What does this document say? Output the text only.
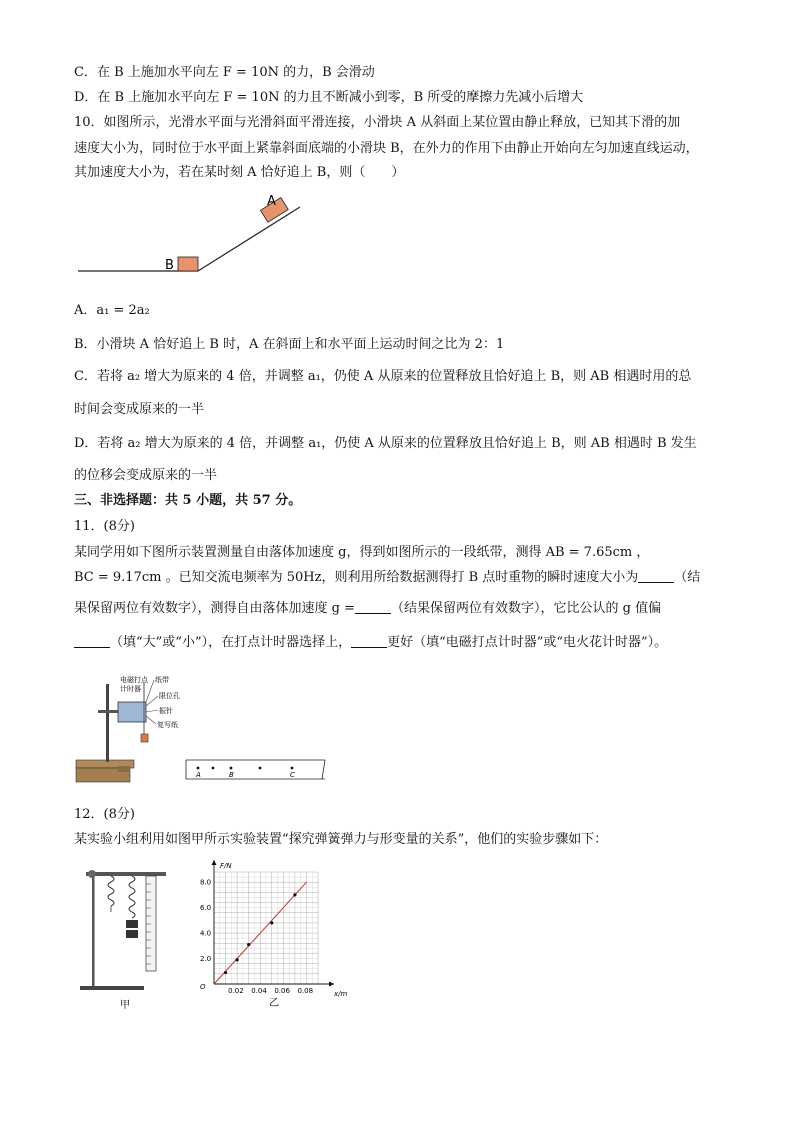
C．在 B 上施加水平向左 F = 10N 的力，B 会滑动
D．在 B 上施加水平向左 F = 10N 的力且不断减小到零，B 所受的摩擦力先减小后增大
10．如图所示，光滑水平面与光滑斜面平滑连接，小滑块 A 从斜面上某位置由静止释放，已知其下滑的加
速度大小为，同时位于水平面上紧靠斜面底端的小滑块 B，在外力的作用下由静止开始向左匀加速直线运动，
其加速度大小为，若在某时刻 A 恰好追上 B，则（　　）
A
B
A．a₁ = 2a₂
B．小滑块 A 恰好追上 B 时，A 在斜面上和水平面上运动时间之比为 2：1
C．若将 a₂ 增大为原来的 4 倍，并调整 a₁，仍使 A 从原来的位置释放且恰好追上 B，则 AB 相遇时用的总
时间会变成原来的一半
D．若将 a₂ 增大为原来的 4 倍，并调整 a₁，仍使 A 从原来的位置释放且恰好追上 B，则 AB 相遇时 B 发生
的位移会变成原来的一半
三、非选择题：共 5 小题，共 57 分。
11．(8分)
某同学用如下图所示装置测量自由落体加速度 g，得到如图所示的一段纸带，测得 AB = 7.65cm ，
BC = 9.17cm 。已知交流电频率为 50Hz，则利用所给数据测得打 B 点时重物的瞬时速度大小为	（结
果保留两位有效数字），测得自由落体加速度 g =	（结果保留两位有效数字），它比公认的 g 值偏
（填“大”或“小”），在打点计时器选择上，	更好（填“电磁打点计时器”或“电火花计时器”）。
电磁打点
计时器
纸带
限位孔
振针
复写纸
A	B	C
12．(8分)
某实验小组利用如图甲所示实验装置“探究弹簧弹力与形变量的关系”，他们的实验步骤如下：
甲
0.02 0.04 0.06 0.08
2.0
4.0
6.0
8.0
F/N
x/m
O
乙
